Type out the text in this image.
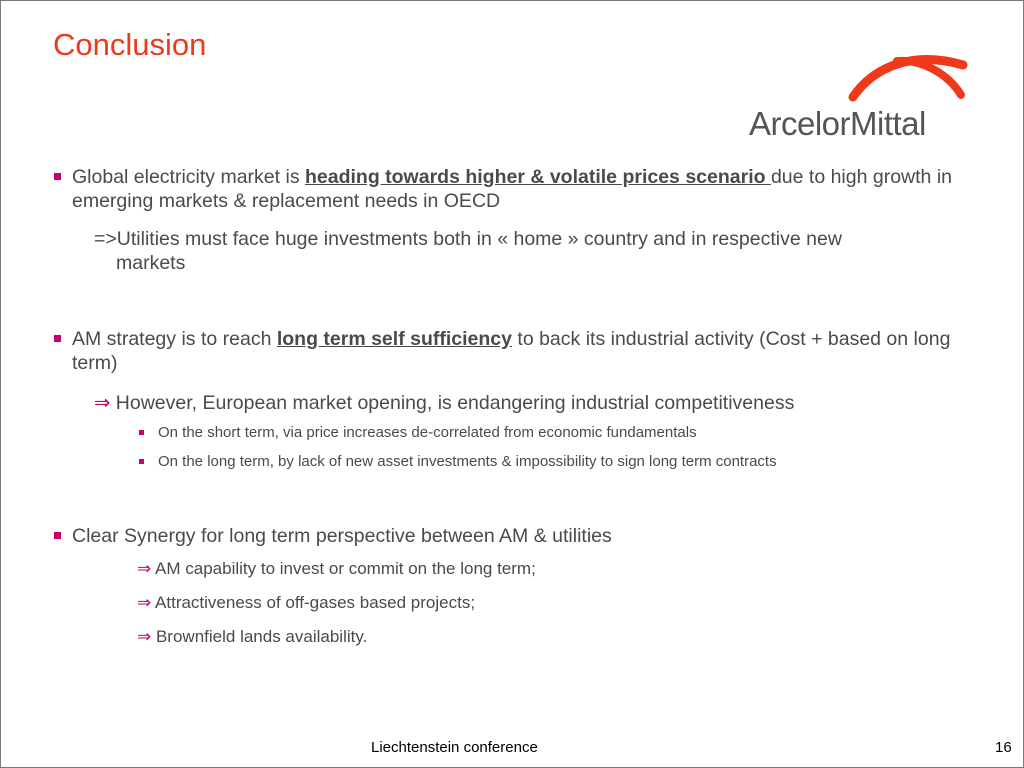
Conclusion
ArcelorMittal

Global electricity market is heading towards higher & volatile prices scenario due to high growth in emerging markets & replacement needs in OECD

=>Utilities must face huge investments both in « home » country and in respective new
markets

AM strategy is to reach long term self sufficiency to back its industrial activity (Cost + based on long term)

⇒ However, European market opening, is endangering industrial competitiveness

On the short term, via price increases de-correlated from economic fundamentals

On the long term, by lack of new asset investments & impossibility to sign long term contracts

Clear Synergy for long term perspective between AM & utilities

⇒ AM capability to invest or commit on the long term;

⇒ Attractiveness of off-gases based projects;

⇒ Brownfield lands availability.

Liechtenstein conference	16
